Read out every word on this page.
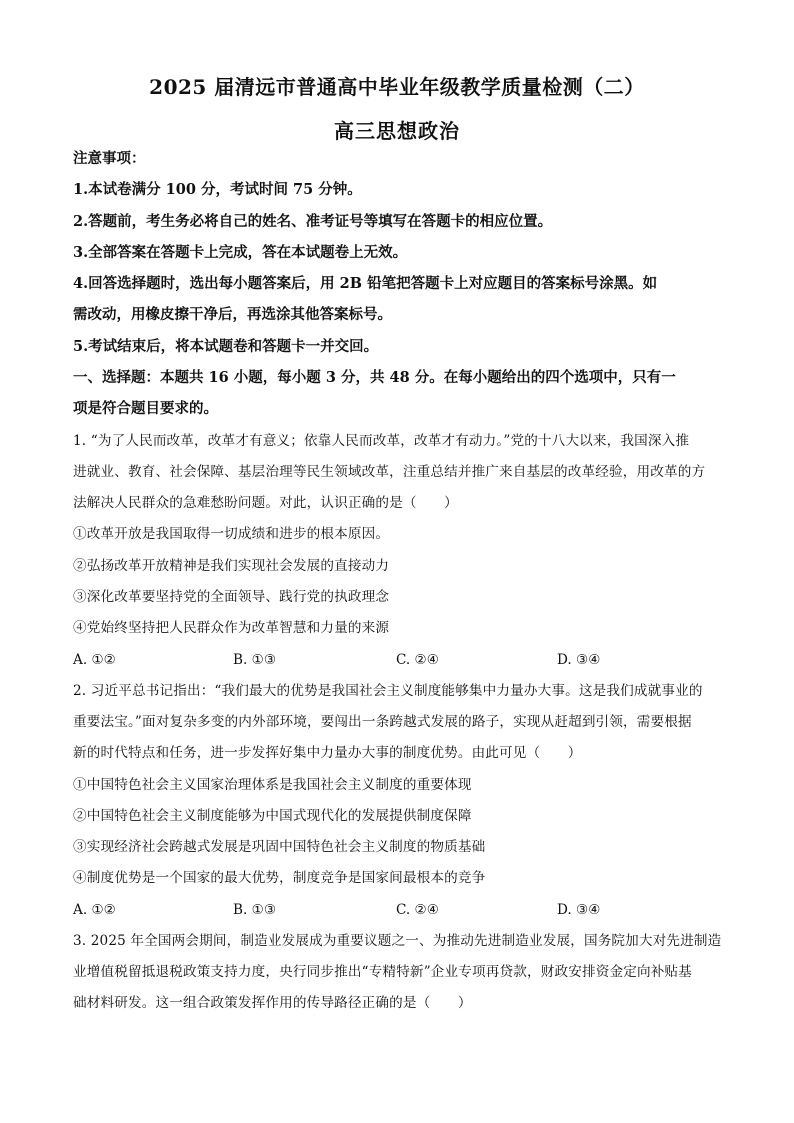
2025 届清远市普通高中毕业年级教学质量检测（二）
高三思想政治
注意事项：
1.本试卷满分 100 分，考试时间 75 分钟。
2.答题前，考生务必将自己的姓名、准考证号等填写在答题卡的相应位置。
3.全部答案在答题卡上完成，答在本试题卷上无效。
4.回答选择题时，选出每小题答案后，用 2B 铅笔把答题卡上对应题目的答案标号涂黑。如
需改动，用橡皮擦干净后，再选涂其他答案标号。
5.考试结束后，将本试题卷和答题卡一并交回。
一、选择题：本题共 16 小题，每小题 3 分，共 48 分。在每小题给出的四个选项中，只有一
项是符合题目要求的。
1. “为了人民而改革，改革才有意义；依靠人民而改革，改革才有动力。”党的十八大以来，我国深入推
进就业、教育、社会保障、基层治理等民生领域改革，注重总结并推广来自基层的改革经验，用改革的方
法解决人民群众的急难愁盼问题。对此，认识正确的是（　　）
①改革开放是我国取得一切成绩和进步的根本原因。
②弘扬改革开放精神是我们实现社会发展的直接动力
③深化改革要坚持党的全面领导、践行党的执政理念
④党始终坚持把人民群众作为改革智慧和力量的来源
A. ①②	B. ①③	C. ②④	D. ③④
2. 习近平总书记指出：“我们最大的优势是我国社会主义制度能够集中力量办大事。这是我们成就事业的
重要法宝。”面对复杂多变的内外部环境，要闯出一条跨越式发展的路子，实现从赶超到引领，需要根据
新的时代特点和任务，进一步发挥好集中力量办大事的制度优势。由此可见（　　）
①中国特色社会主义国家治理体系是我国社会主义制度的重要体现
②中国特色社会主义制度能够为中国式现代化的发展提供制度保障
③实现经济社会跨越式发展是巩固中国特色社会主义制度的物质基础
④制度优势是一个国家的最大优势，制度竞争是国家间最根本的竞争
A. ①②	B. ①③	C. ②④	D. ③④
3. 2025 年全国两会期间，制造业发展成为重要议题之一、为推动先进制造业发展，国务院加大对先进制造
业增值税留抵退税政策支持力度，央行同步推出“专精特新”企业专项再贷款，财政安排资金定向补贴基
础材料研发。这一组合政策发挥作用的传导路径正确的是（　　）
